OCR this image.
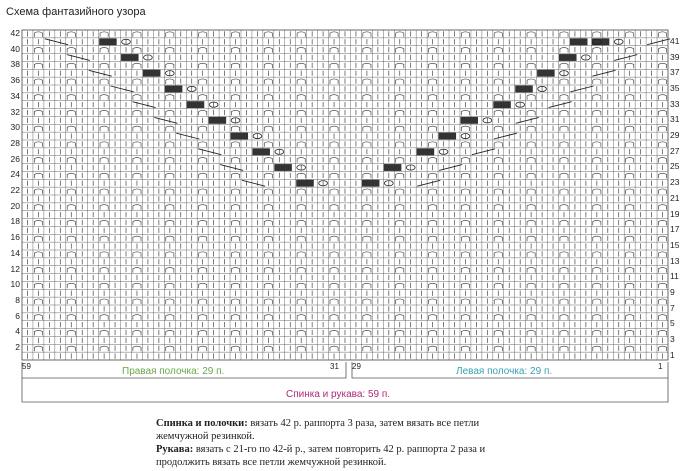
Схема фантазийного узора
42
40
38
36
34
32
30
28
26
24
22
20
18
16
14
12
10
8
6
4
2
41
39
37
35
33
31
29
27
25
23
21
19
17
15
13
11
9
7
5
3
1
59	31 29	1
Правая полочка: 29 п.	Левая полочка: 29 п.
Спинка и рукава: 59 п.

Спинка и полочки: вязать 42 р. раппорта 3 раза, затем вязать все петли жемчужной резинкой.

Рукава: вязать с 21-го по 42-й р., затем повторить 42 р. раппорта 2 раза и продолжить вязать все петли жемчужной резинкой.
